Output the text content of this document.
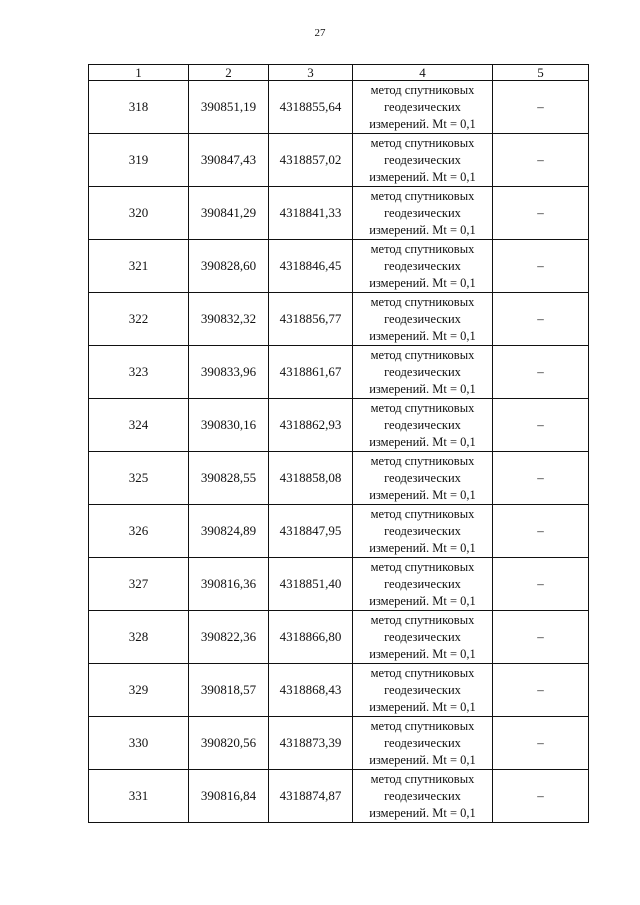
27
1	2	3	4	5
318	390851,19	4318855,64	метод спутниковых
геодезических
измерений. Mt = 0,1	–
319	390847,43	4318857,02	метод спутниковых
геодезических
измерений. Mt = 0,1	–
320	390841,29	4318841,33	метод спутниковых
геодезических
измерений. Mt = 0,1	–
321	390828,60	4318846,45	метод спутниковых
геодезических
измерений. Mt = 0,1	–
322	390832,32	4318856,77	метод спутниковых
геодезических
измерений. Mt = 0,1	–
323	390833,96	4318861,67	метод спутниковых
геодезических
измерений. Mt = 0,1	–
324	390830,16	4318862,93	метод спутниковых
геодезических
измерений. Mt = 0,1	–
325	390828,55	4318858,08	метод спутниковых
геодезических
измерений. Mt = 0,1	–
326	390824,89	4318847,95	метод спутниковых
геодезических
измерений. Mt = 0,1	–
327	390816,36	4318851,40	метод спутниковых
геодезических
измерений. Mt = 0,1	–
328	390822,36	4318866,80	метод спутниковых
геодезических
измерений. Mt = 0,1	–
329	390818,57	4318868,43	метод спутниковых
геодезических
измерений. Mt = 0,1	–
330	390820,56	4318873,39	метод спутниковых
геодезических
измерений. Mt = 0,1	–
331	390816,84	4318874,87	метод спутниковых
геодезических
измерений. Mt = 0,1	–
